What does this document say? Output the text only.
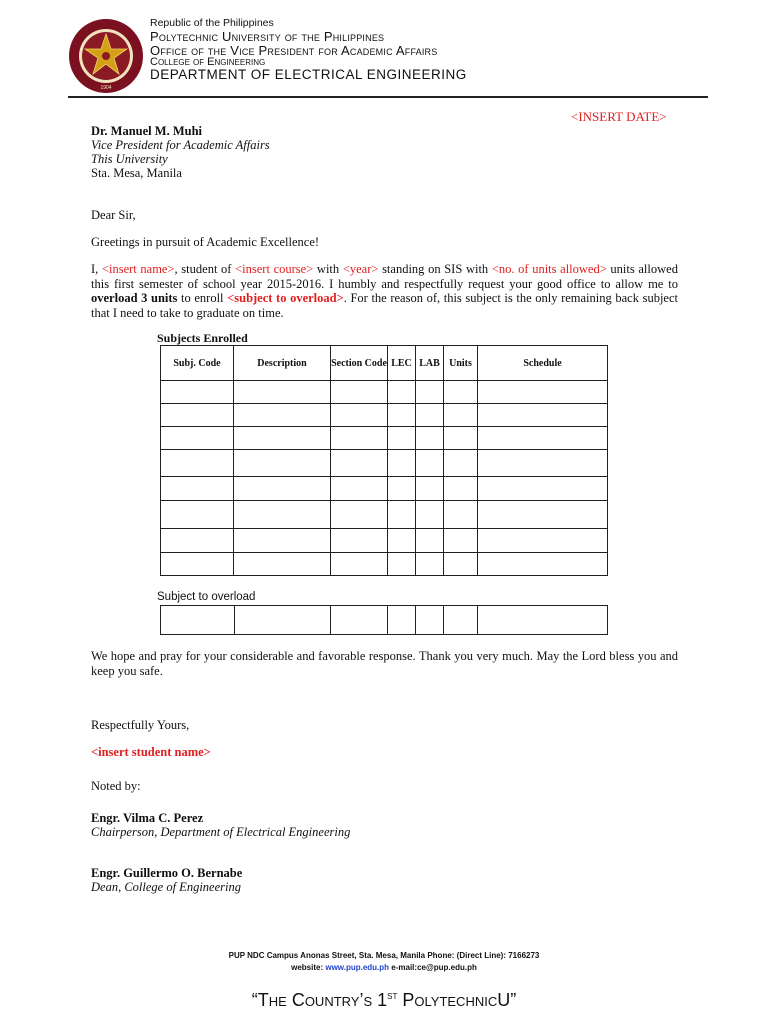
1904
Republic of the Philippines
Polytechnic University of the Philippines
Office of the Vice President for Academic Affairs
College of Engineering
DEPARTMENT OF ELECTRICAL ENGINEERING
<INSERT DATE>
Dr. Manuel M. Muhi
Vice President for Academic Affairs
This University
Sta. Mesa, Manila
Dear Sir,
Greetings in pursuit of Academic Excellence!
I, <insert name>, student of <insert course> with <year> standing on SIS with <no. of units allowed> units allowed this first semester of school year 2015-2016. I humbly and respectfully request your good office to allow me to overload 3 units to enroll <subject to overload>. For the reason of, this subject is the only remaining back subject that I need to take to graduate on time.
Subjects Enrolled
Subj. Code	Description	Section Code	LEC	LAB	Units	Schedule

Subject to overload

We hope and pray for your considerable and favorable response. Thank you very much. May the Lord bless you and keep you safe.
Respectfully Yours,
<insert student name>
Noted by:
Engr. Vilma C. Perez
Chairperson, Department of Electrical Engineering
Engr. Guillermo O. Bernabe
Dean, College of Engineering
PUP NDC Campus Anonas Street, Sta. Mesa, Manila Phone: (Direct Line): 7166273
website: www.pup.edu.ph e-mail:ce@pup.edu.ph
“The Country’s 1st PolytechnicU”
